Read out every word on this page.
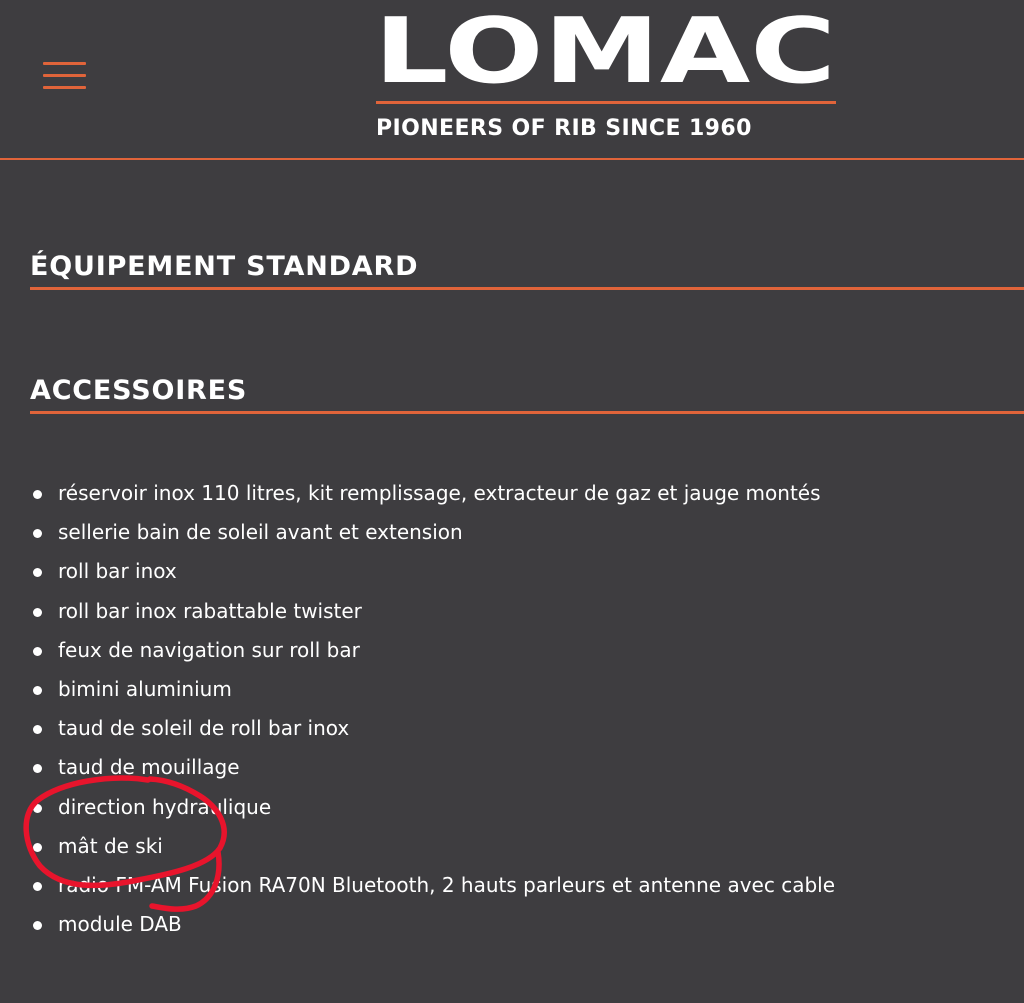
LOMAC
PIONEERS OF RIB SINCE 1960
ÉQUIPEMENT STANDARD
ACCESSOIRES
réservoir inox 110 litres, kit remplissage, extracteur de gaz et jauge montés
sellerie bain de soleil avant et extension
roll bar inox
roll bar inox rabattable twister
feux de navigation sur roll bar
bimini aluminium
taud de soleil de roll bar inox
taud de mouillage
direction hydraulique
mât de ski
radio FM-AM Fusion RA70N Bluetooth, 2 hauts parleurs et antenne avec cable
module DAB
